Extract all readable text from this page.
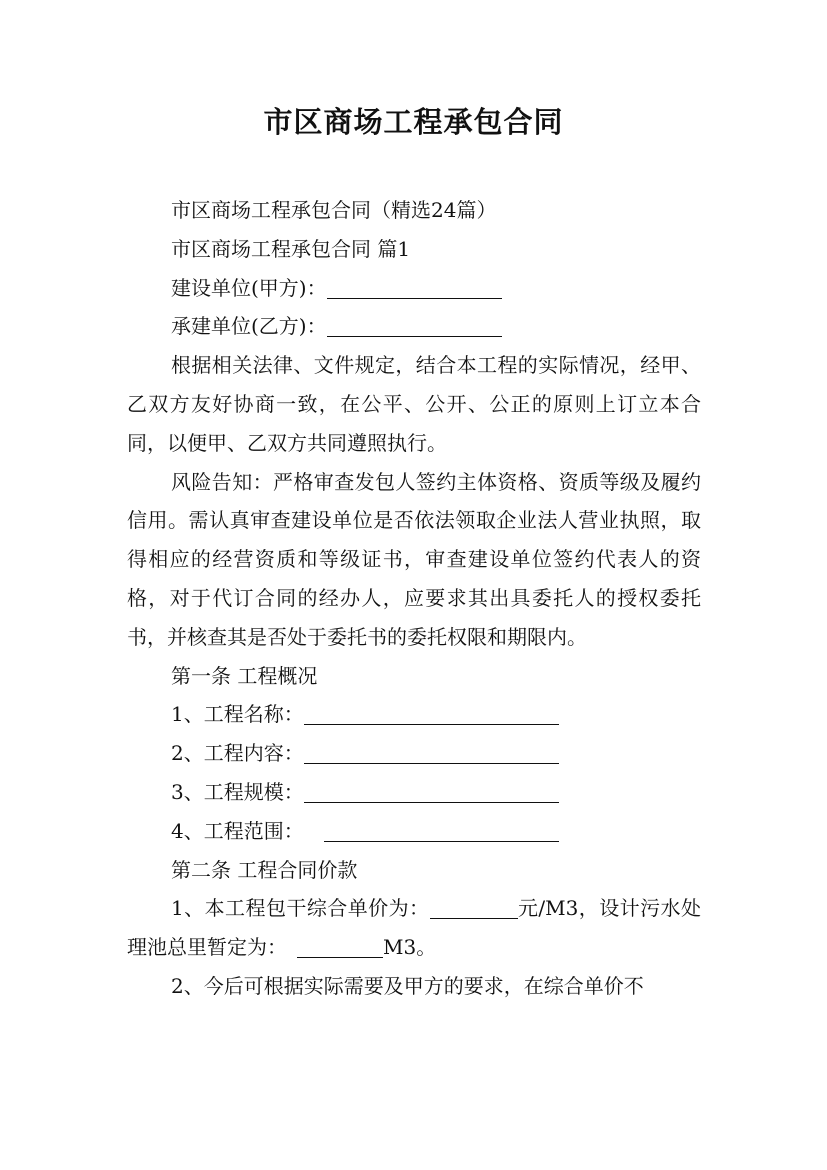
市区商场工程承包合同

市区商场工程承包合同（精选24篇）

市区商场工程承包合同 篇1

建设单位(甲方)：

承建单位(乙方)：

根据相关法律、文件规定，结合本工程的实际情况，经甲、乙双方友好协商一致，在公平、公开、公正的原则上订立本合同，以便甲、乙双方共同遵照执行。

风险告知：严格审查发包人签约主体资格、资质等级及履约信用。需认真审查建设单位是否依法领取企业法人营业执照，取得相应的经营资质和等级证书，审查建设单位签约代表人的资格，对于代订合同的经办人，应要求其出具委托人的授权委托书，并核查其是否处于委托书的委托权限和期限内。

第一条 工程概况

1、工程名称：

2、工程内容：

3、工程规模：

4、工程范围：

第二条 工程合同价款

1、本工程包干综合单价为：	元/M3，设计污水处理池总里暂定为：	M3。

2、今后可根据实际需要及甲方的要求，在综合单价不
